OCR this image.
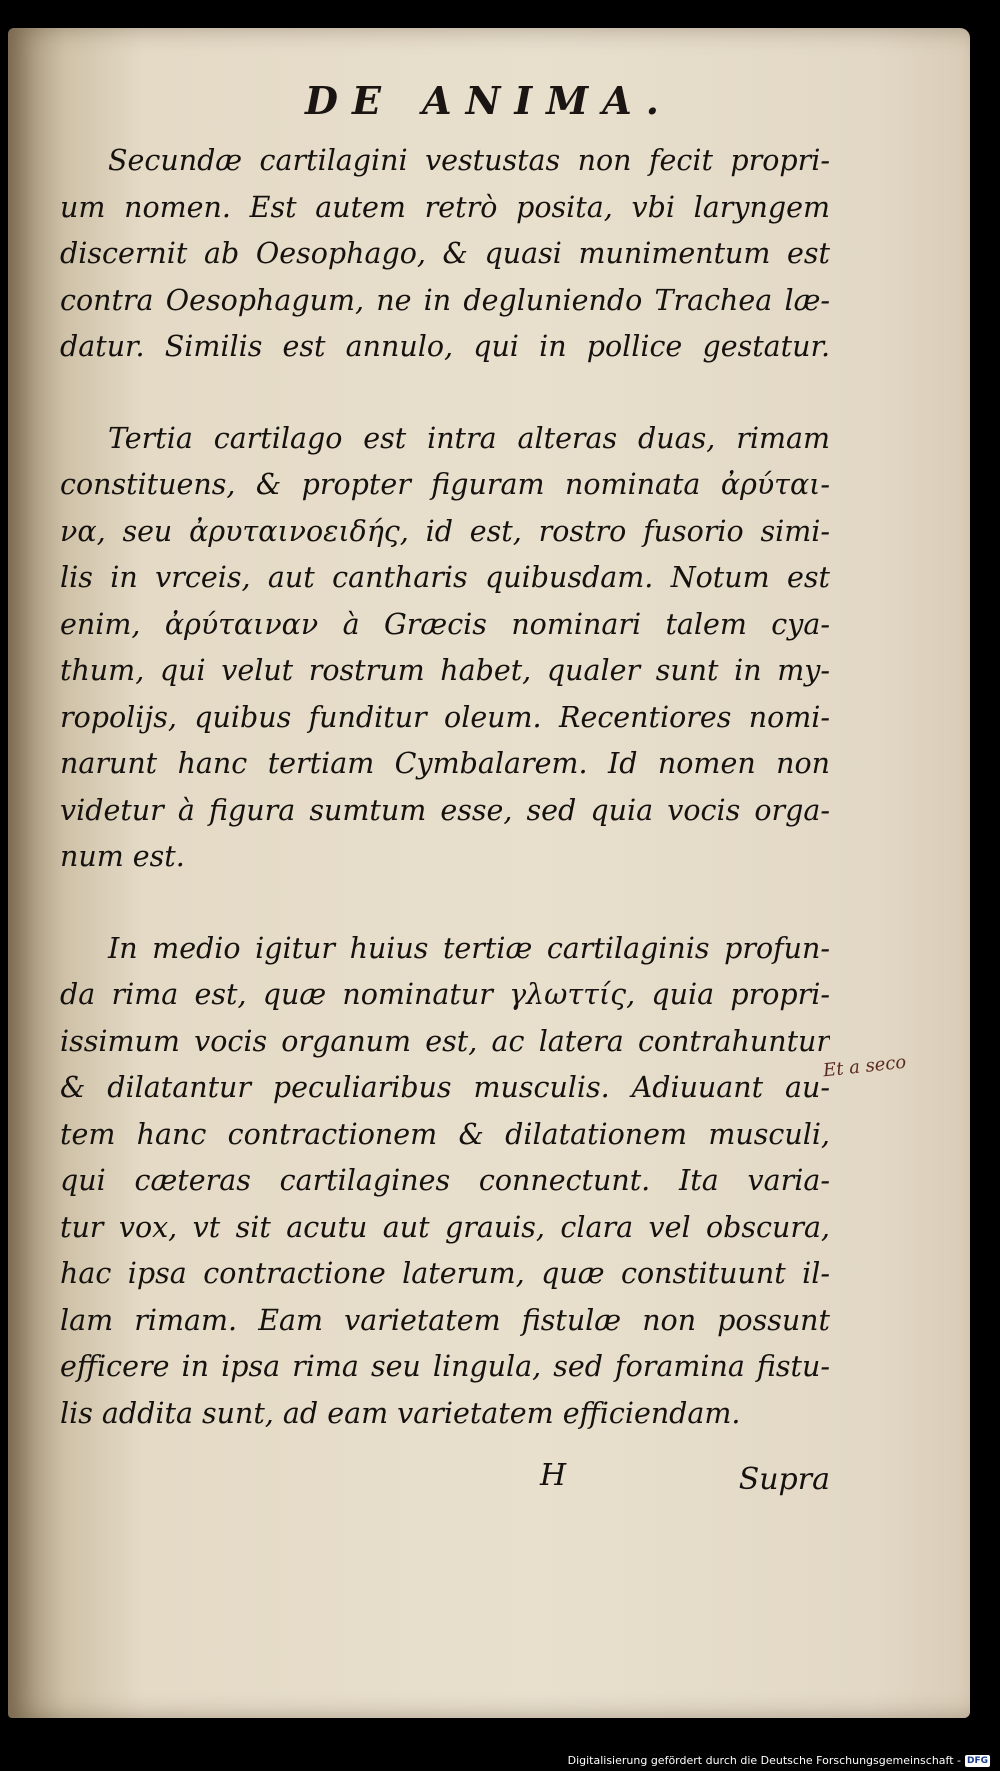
DE ANIMA.
Secundæ cartilagini vestustas non fecit propri-
um nomen. Est autem retrò posita, vbi laryngem
discernit ab Oesophago, & quasi munimentum est
contra Oesophagum, ne in degluniendo Trachea læ-
datur. Similis est annulo, qui in pollice gestatur.
Tertia cartilago est intra alteras duas, rimam
constituens, & propter figuram nominata ἀρύται-
να, seu ἀρυταινοειδής, id est, rostro fusorio simi-
lis in vrceis, aut cantharis quibusdam. Notum est
enim, ἀρύταιναν à Græcis nominari talem cya-
thum, qui velut rostrum habet, qualer sunt in my-
ropolijs, quibus funditur oleum. Recentiores nomi-
narunt hanc tertiam Cymbalarem. Id nomen non
videtur à figura sumtum esse, sed quia vocis orga-
num est.
In medio igitur huius tertiæ cartilaginis profun-
da rima est, quæ nominatur γλωττίς, quia propri-
issimum vocis organum est, ac latera contrahuntur
& dilatantur peculiaribus musculis. Adiuuant au-
tem hanc contractionem & dilatationem musculi,
qui cæteras cartilagines connectunt. Ita varia-
tur vox, vt sit acutu aut grauis, clara vel obscura,
hac ipsa contractione laterum, quæ constituunt il-
lam rimam. Eam varietatem fistulæ non possunt
efficere in ipsa rima seu lingula, sed foramina fistu-
lis addita sunt, ad eam varietatem efficiendam.
Et a seco
H	Supra
Digitalisierung gefördert durch die Deutsche Forschungsgemeinschaft - DFG
